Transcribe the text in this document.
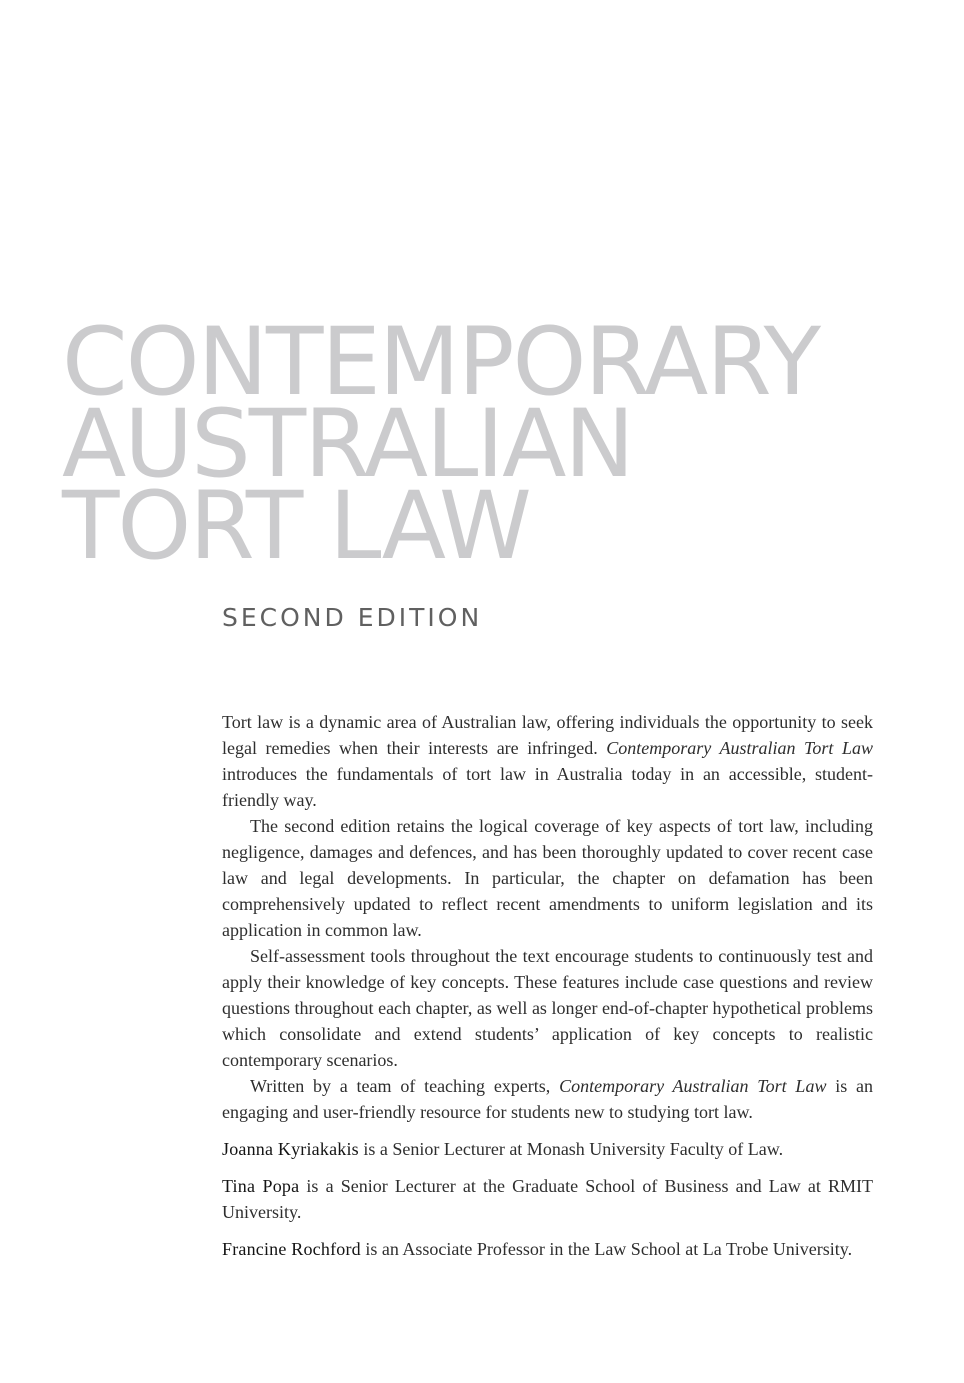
CONTEMPORARY
AUSTRALIAN
TORT LAW
SECOND EDITION

Tort law is a dynamic area of Australian law, offering individuals the opportunity to seek legal remedies when their interests are infringed. Contemporary Australian Tort Law introduces the fundamentals of tort law in Australia today in an accessible, student-friendly way.

The second edition retains the logical coverage of key aspects of tort law, including negligence, damages and defences, and has been thoroughly updated to cover recent case law and legal developments. In particular, the chapter on defamation has been comprehensively updated to reflect recent amendments to uniform legislation and its application in common law.

Self-assessment tools throughout the text encourage students to continuously test and apply their knowledge of key concepts. These features include case questions and review questions throughout each chapter, as well as longer end-of-chapter hypothetical problems which consolidate and extend students’ application of key concepts to realistic contemporary scenarios.

Written by a team of teaching experts, Contemporary Australian Tort Law is an engaging and user-friendly resource for students new to studying tort law.

Joanna Kyriakakis is a Senior Lecturer at Monash University Faculty of Law.

Tina Popa is a Senior Lecturer at the Graduate School of Business and Law at RMIT University.

Francine Rochford is an Associate Professor in the Law School at La Trobe University.
